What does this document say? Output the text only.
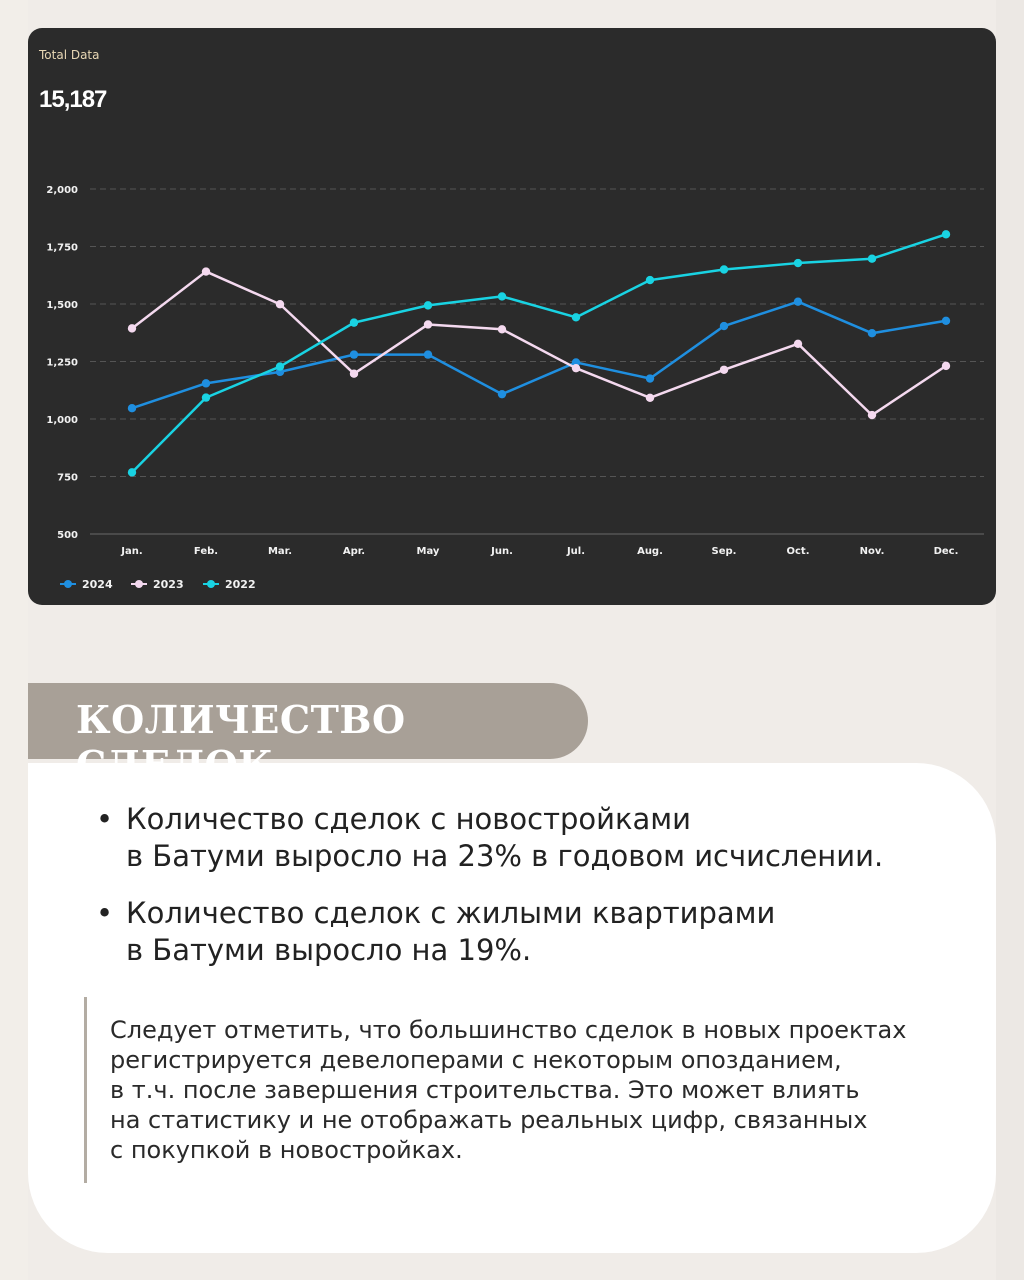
Total Data
15,187
500
750
1,000
1,250
1,500
1,750
2,000
Jan.	Feb.	Mar.	Apr.	May	Jun.	Jul.	Aug.	Sep.	Oct.	Nov.	Dec.
2024	2023	2022
КОЛИЧЕСТВО
• Количество сделок с новостройками
в Батуми выросло на 23% в годовом исчислении.
• Количество сделок с жилыми квартирами
в Батуми выросло на 19%.

Следует отметить, что большинство сделок в новых проектах
регистрируется девелоперами с некоторым опозданием,
в т.ч. после завершения строительства. Это может влиять
на статистику и не отображать реальных цифр, связанных
с покупкой в новостройках.
